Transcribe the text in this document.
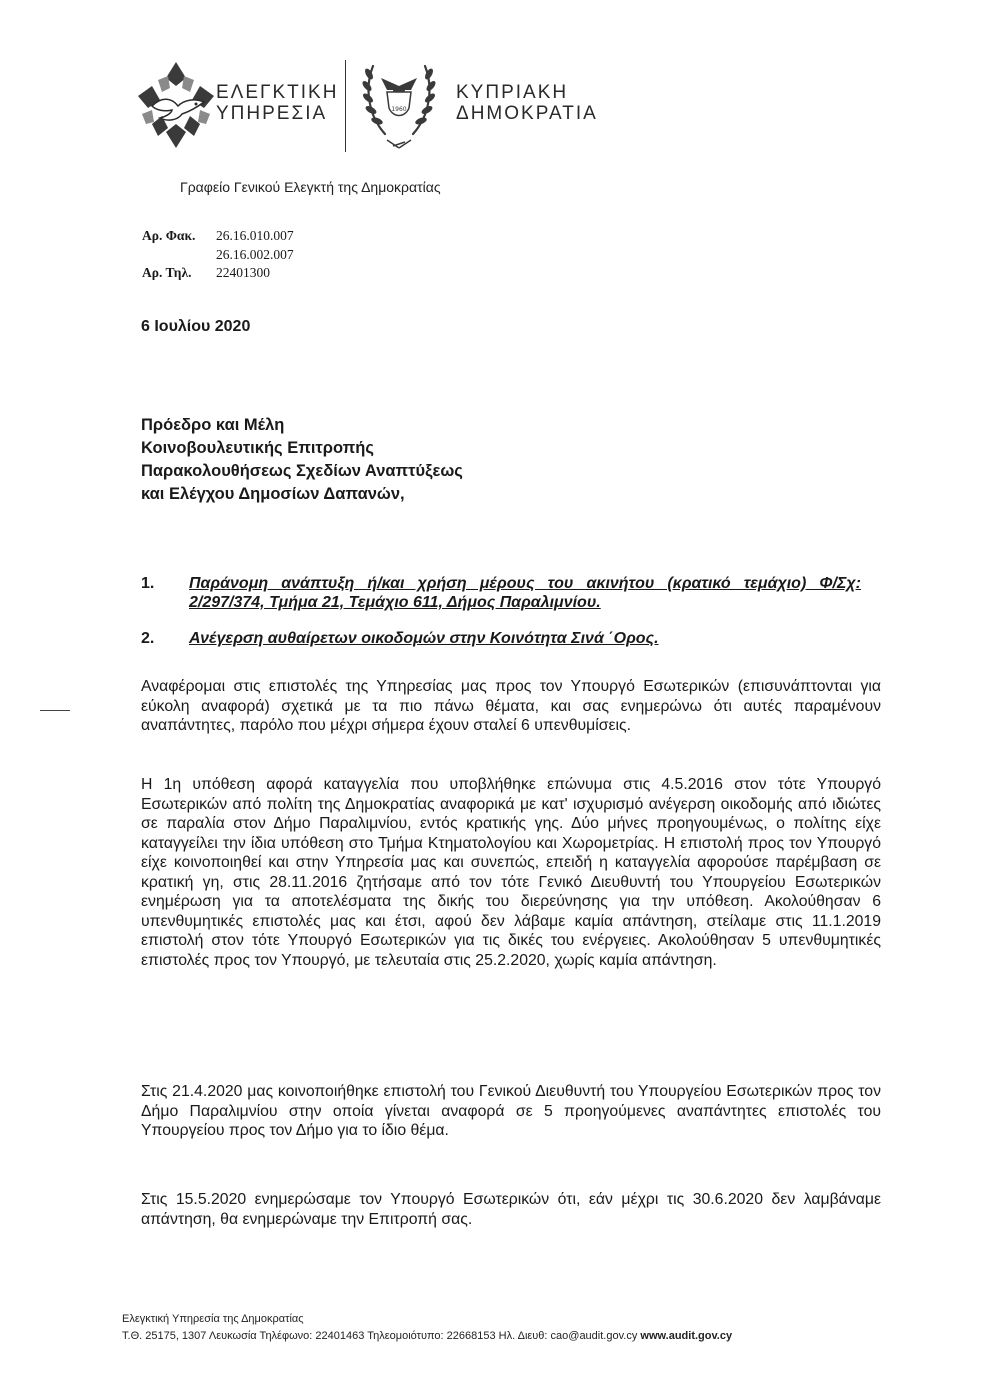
ΕΛΕΓΚΤΙΚΗ
ΥΠΗΡΕΣΙΑ	1960
ΚΥΠΡΙΑΚΗ
ΔΗΜΟΚΡΑΤΙΑ
Γραφείο Γενικού Ελεγκτή της Δημοκρατίας
Αρ. Φακ. 26.16.010.007
26.16.002.007
Αρ. Τηλ. 22401300
6 Ιουλίου 2020
Πρόεδρο και Μέλη
Κοινοβουλευτικής Επιτροπής
Παρακολουθήσεως Σχεδίων Αναπτύξεως
και Ελέγχου Δημοσίων Δαπανών,
1. Παράνομη ανάπτυξη ή/και χρήση μέρους του ακινήτου (κρατικό τεμάχιο) Φ/Σχ: 2/297/374, Τμήμα 21, Τεμάχιο 611, Δήμος Παραλιμνίου.
2. Ανέγερση αυθαίρετων οικοδομών στην Κοινότητα Σινά ΄Ορος.
Αναφέρομαι στις επιστολές της Υπηρεσίας μας προς τον Υπουργό Εσωτερικών (επισυνάπτονται για εύκολη αναφορά) σχετικά με τα πιο πάνω θέματα, και σας ενημερώνω ότι αυτές παραμένουν αναπάντητες, παρόλο που μέχρι σήμερα έχουν σταλεί 6 υπενθυμίσεις.
Η 1η υπόθεση αφορά καταγγελία που υποβλήθηκε επώνυμα στις 4.5.2016 στον τότε Υπουργό Εσωτερικών από πολίτη της Δημοκρατίας αναφορικά με κατ' ισχυρισμό ανέγερση οικοδομής από ιδιώτες σε παραλία στον Δήμο Παραλιμνίου, εντός κρατικής γης. Δύο μήνες προηγουμένως, ο πολίτης είχε καταγγείλει την ίδια υπόθεση στο Τμήμα Κτηματολογίου και Χωρομετρίας. Η επιστολή προς τον Υπουργό είχε κοινοποιηθεί και στην Υπηρεσία μας και συνεπώς, επειδή η καταγγελία αφορούσε παρέμβαση σε κρατική γη, στις 28.11.2016 ζητήσαμε από τον τότε Γενικό Διευθυντή του Υπουργείου Εσωτερικών ενημέρωση για τα αποτελέσματα της δικής του διερεύνησης για την υπόθεση. Ακολούθησαν 6 υπενθυμητικές επιστολές μας και έτσι, αφού δεν λάβαμε καμία απάντηση, στείλαμε στις 11.1.2019 επιστολή στον τότε Υπουργό Εσωτερικών για τις δικές του ενέργειες. Ακολούθησαν 5 υπενθυμητικές επιστολές προς τον Υπουργό, με τελευταία στις 25.2.2020, χωρίς καμία απάντηση.
Στις 21.4.2020 μας κοινοποιήθηκε επιστολή του Γενικού Διευθυντή του Υπουργείου Εσωτερικών προς τον Δήμο Παραλιμνίου στην οποία γίνεται αναφορά σε 5 προηγούμενες αναπάντητες επιστολές του Υπουργείου προς τον Δήμο για το ίδιο θέμα.
Στις 15.5.2020 ενημερώσαμε τον Υπουργό Εσωτερικών ότι, εάν μέχρι τις 30.6.2020 δεν λαμβάναμε απάντηση, θα ενημερώναμε την Επιτροπή σας.
Ελεγκτική Υπηρεσία της Δημοκρατίας
Τ.Θ. 25175, 1307 Λευκωσία Τηλέφωνο: 22401463 Τηλεομοιότυπο: 22668153 Ηλ. Διευθ: cao@audit.gov.cy www.audit.gov.cy
